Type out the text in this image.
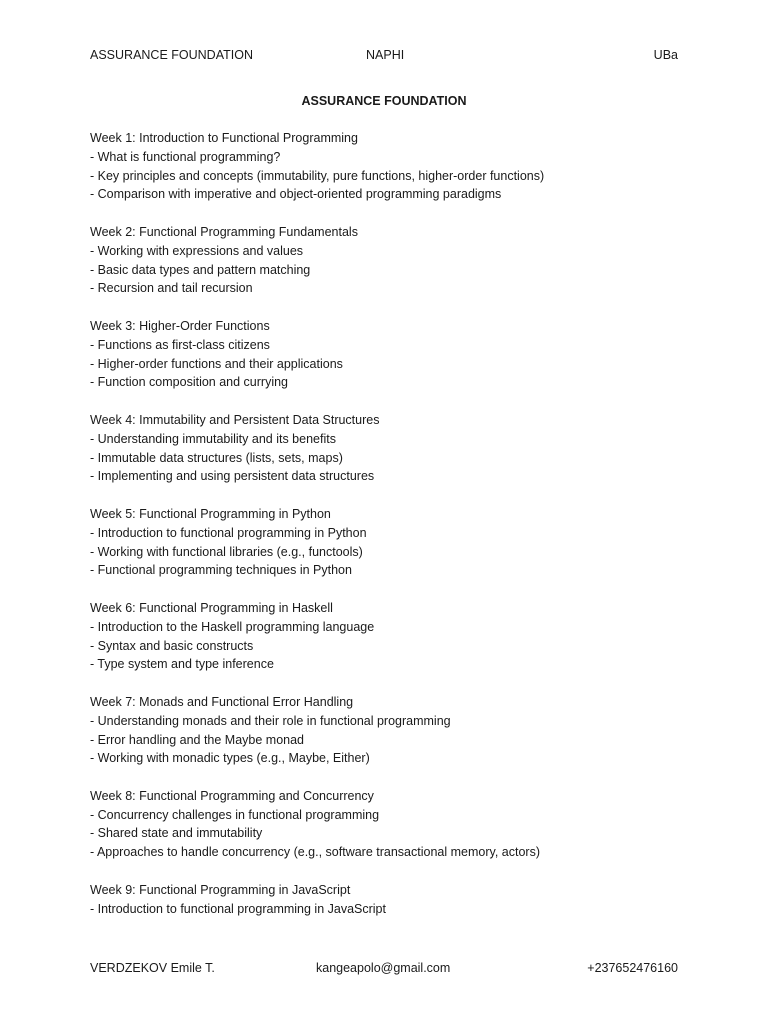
ASSURANCE FOUNDATION	NAPHI	UBa
ASSURANCE FOUNDATION

Week 1: Introduction to Functional Programming

- What is functional programming?

- Key principles and concepts (immutability, pure functions, higher-order functions)

- Comparison with imperative and object-oriented programming paradigms

Week 2: Functional Programming Fundamentals

- Working with expressions and values

- Basic data types and pattern matching

- Recursion and tail recursion

Week 3: Higher-Order Functions

- Functions as first-class citizens

- Higher-order functions and their applications

- Function composition and currying

Week 4: Immutability and Persistent Data Structures

- Understanding immutability and its benefits

- Immutable data structures (lists, sets, maps)

- Implementing and using persistent data structures

Week 5: Functional Programming in Python

- Introduction to functional programming in Python

- Working with functional libraries (e.g., functools)

- Functional programming techniques in Python

Week 6: Functional Programming in Haskell

- Introduction to the Haskell programming language

- Syntax and basic constructs

- Type system and type inference

Week 7: Monads and Functional Error Handling

- Understanding monads and their role in functional programming

- Error handling and the Maybe monad

- Working with monadic types (e.g., Maybe, Either)

Week 8: Functional Programming and Concurrency

- Concurrency challenges in functional programming

- Shared state and immutability

- Approaches to handle concurrency (e.g., software transactional memory, actors)

Week 9: Functional Programming in JavaScript

- Introduction to functional programming in JavaScript

VERDZEKOV Emile T.	kangeapolo@gmail.com	+237652476160
